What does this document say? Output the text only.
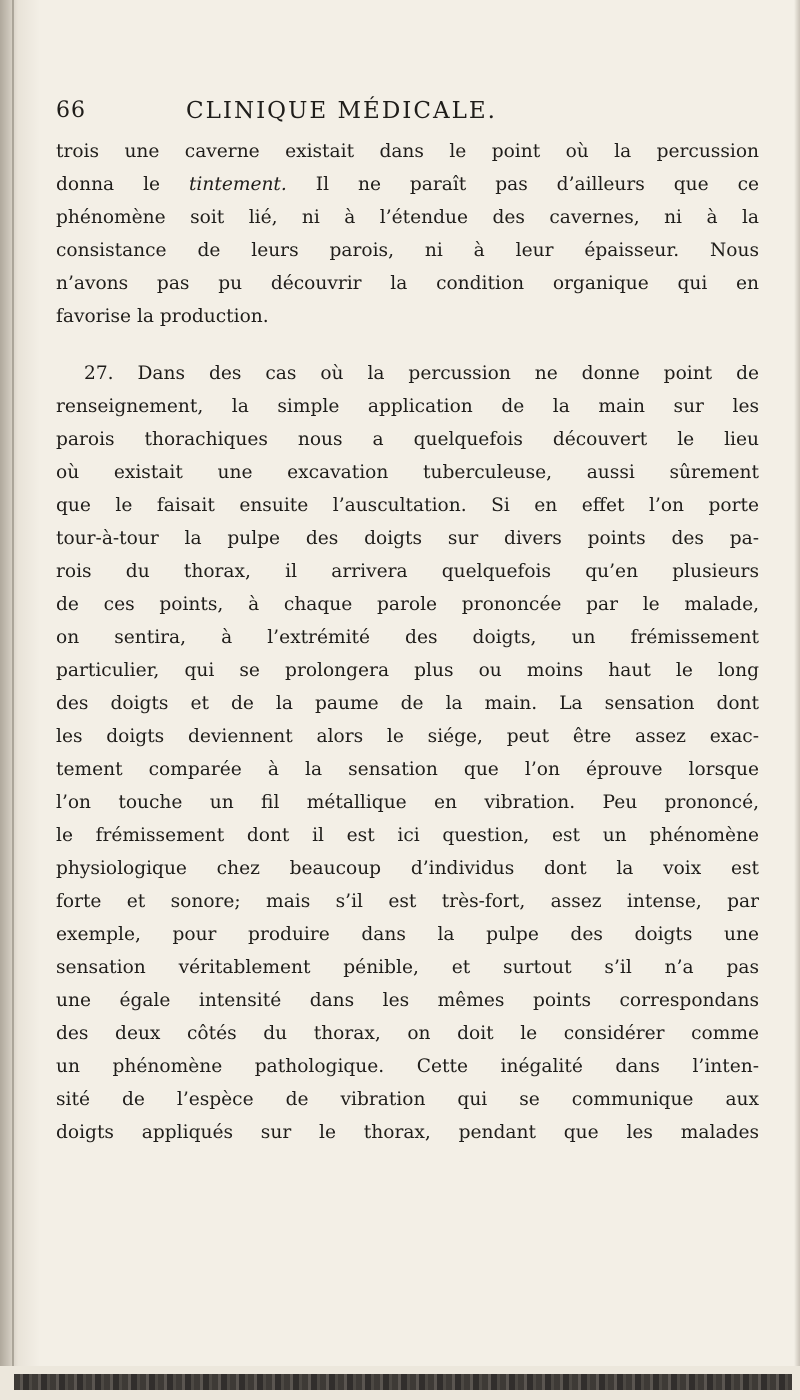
66	CLINIQUE MÉDICALE.
trois une caverne existait dans le point où la percussion
donna le tintement. Il ne paraît pas d’ailleurs que ce
phénomène soit lié, ni à l’étendue des cavernes, ni à la
consistance de leurs parois, ni à leur épaisseur. Nous
n’avons pas pu découvrir la condition organique qui en
favorise la production.
27. Dans des cas où la percussion ne donne point de
renseignement, la simple application de la main sur les
parois thorachiques nous a quelquefois découvert le lieu
où existait une excavation tuberculeuse, aussi sûrement
que le faisait ensuite l’auscultation. Si en effet l’on porte
tour-à-tour la pulpe des doigts sur divers points des pa-
rois du thorax, il arrivera quelquefois qu’en plusieurs
de ces points, à chaque parole prononcée par le malade,
on sentira, à l’extrémité des doigts, un frémissement
particulier, qui se prolongera plus ou moins haut le long
des doigts et de la paume de la main. La sensation dont
les doigts deviennent alors le siége, peut être assez exac-
tement comparée à la sensation que l’on éprouve lorsque
l’on touche un fil métallique en vibration. Peu prononcé,
le frémissement dont il est ici question, est un phénomène
physiologique chez beaucoup d’individus dont la voix est
forte et sonore; mais s’il est très-fort, assez intense, par
exemple, pour produire dans la pulpe des doigts une
sensation véritablement pénible, et surtout s’il n’a pas
une égale intensité dans les mêmes points correspondans
des deux côtés du thorax, on doit le considérer comme
un phénomène pathologique. Cette inégalité dans l’inten-
sité de l’espèce de vibration qui se communique aux
doigts appliqués sur le thorax, pendant que les malades
